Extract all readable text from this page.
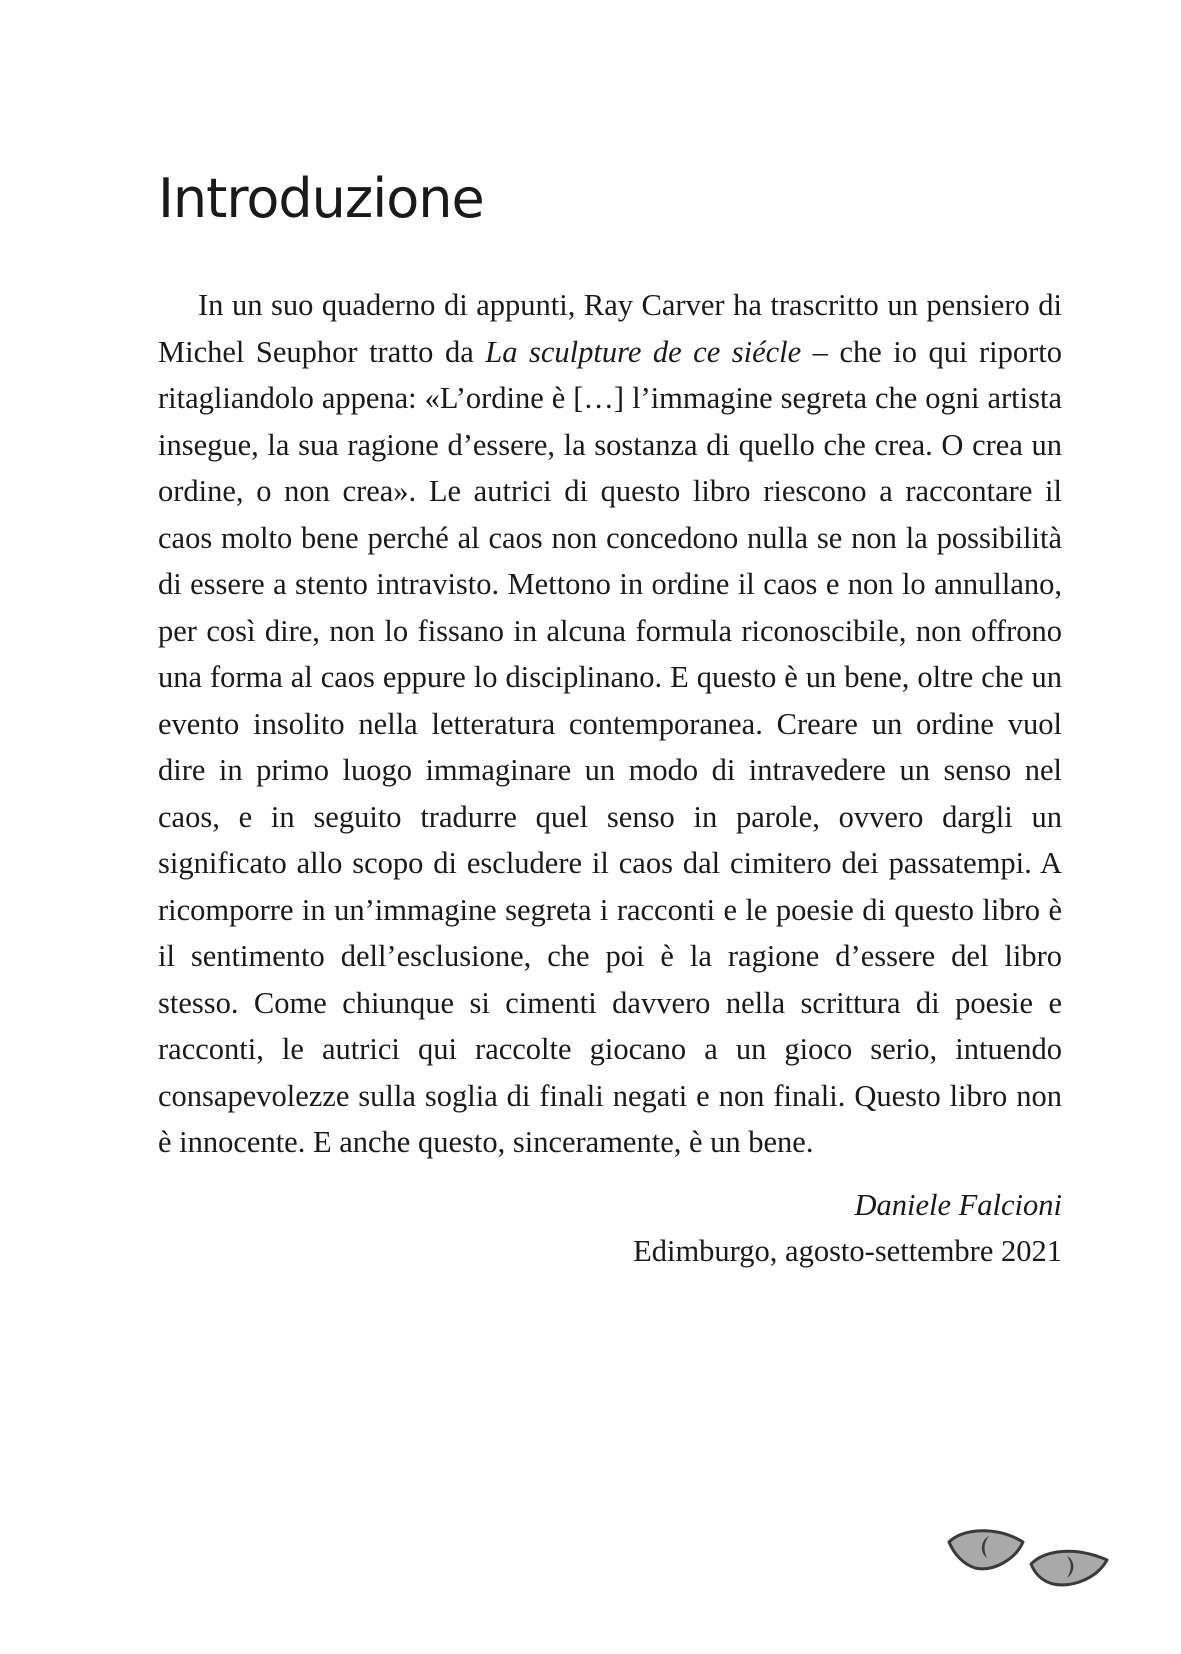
Introduzione

In un suo quaderno di appunti, Ray Carver ha trascritto un pensiero di Michel Seuphor tratto da La sculpture de ce siécle – che io qui riporto ritagliandolo appena: «L’ordine è […] l’immagine segreta che ogni artista insegue, la sua ragione d’essere, la sostanza di quello che crea. O crea un ordine, o non crea». Le autrici di questo libro riescono a raccontare il caos molto bene perché al caos non concedono nulla se non la possibilità di essere a stento intravisto. Mettono in ordine il caos e non lo annullano, per così dire, non lo fissano in alcuna formula riconoscibile, non offrono una forma al caos eppure lo disciplinano. E questo è un bene, oltre che un evento insolito nella letteratura contemporanea. Creare un ordine vuol dire in primo luogo immaginare un modo di intravedere un senso nel caos, e in seguito tradurre quel senso in parole, ovvero dargli un significato allo scopo di escludere il caos dal cimitero dei passatempi. A ricomporre in un’immagine segreta i racconti e le poesie di questo libro è il sentimento dell’esclusione, che poi è la ragione d’essere del libro stesso. Come chiunque si cimenti davvero nella scrittura di poesie e racconti, le autrici qui raccolte giocano a un gioco serio, intuendo consapevolezze sulla soglia di finali negati e non finali. Questo libro non è innocente. E anche questo, sinceramente, è un bene.

Daniele Falcioni
Edimburgo, agosto-settembre 2021
